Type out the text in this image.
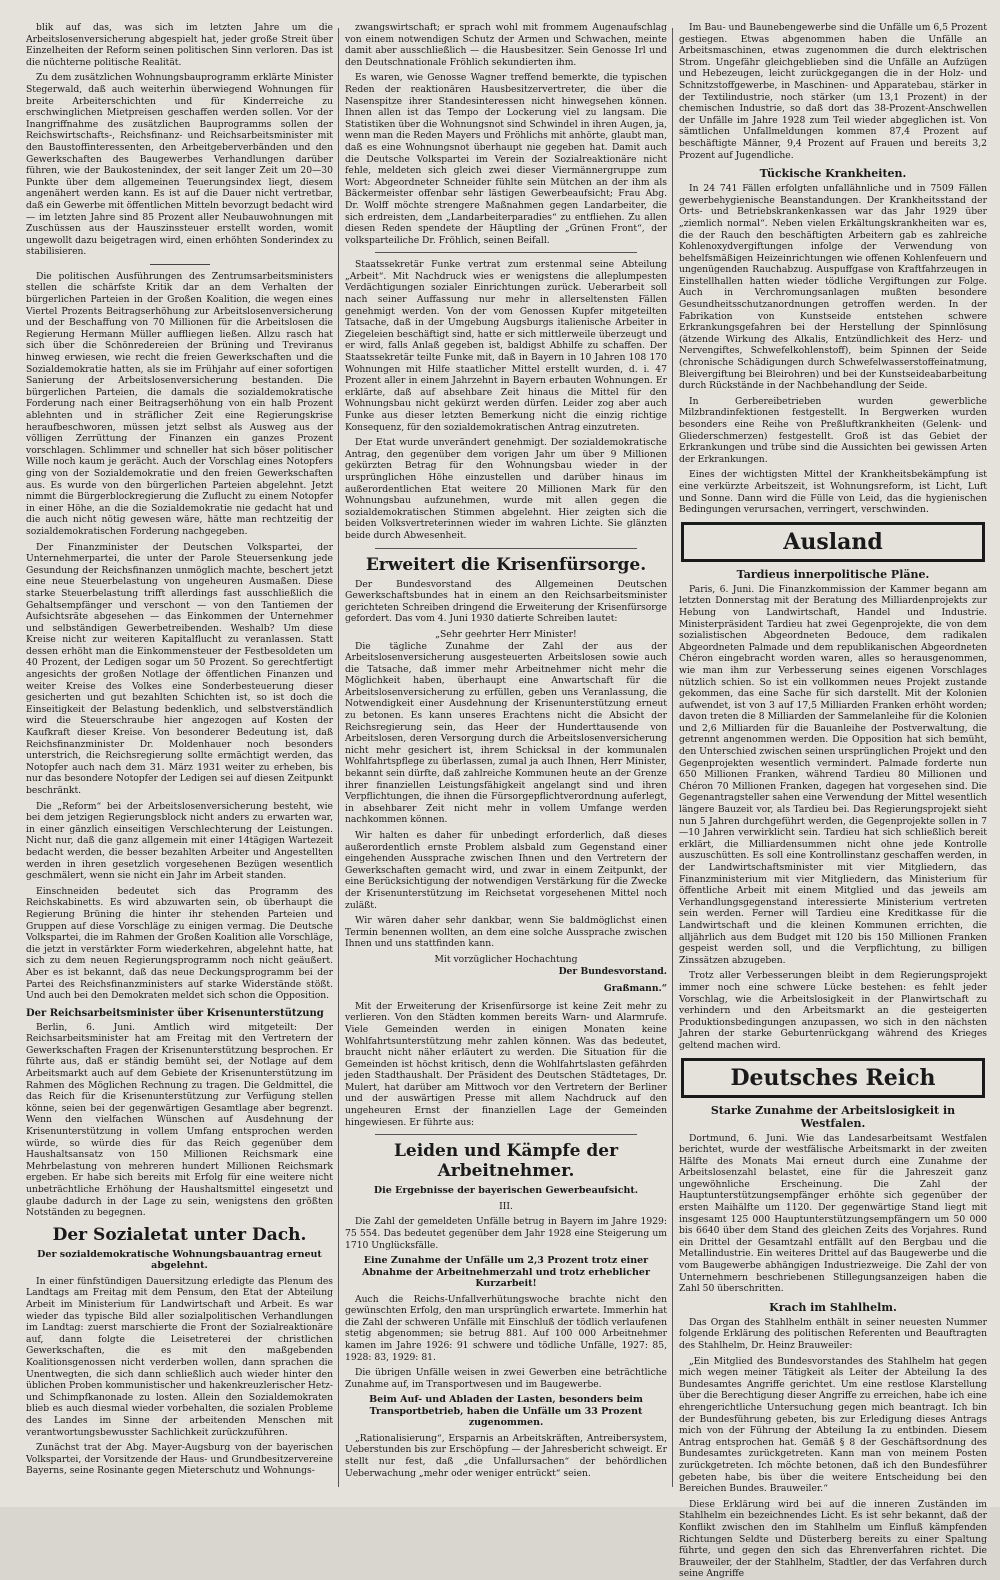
blik auf das, was sich im letzten Jahre um die Arbeitslosenversicherung abgespielt hat, jeder große Streit über Einzelheiten der Reform seinen politischen Sinn verloren. Das ist die nüchterne politische Realität.

Zu dem zusätzlichen Wohnungsbauprogramm erklärte Minister Stegerwald, daß auch weiterhin überwiegend Wohnungen für breite Arbeiterschichten und für Kinderreiche zu erschwinglichen Mietpreisen geschaffen werden sollen. Vor der Inangriffnahme des zusätzlichen Bauprogramms sollen der Reichswirtschafts-, Reichsfinanz- und Reichsarbeitsminister mit den Baustoffinteressenten, den Arbeitgeberverbänden und den Gewerkschaften des Baugewerbes Verhandlungen darüber führen, wie der Baukostenindex, der seit langer Zeit um 20—30 Punkte über dem allgemeinen Teuerungsindex liegt, diesem angenähert werden kann. Es ist auf die Dauer nicht vertretbar, daß ein Gewerbe mit öffentlichen Mitteln bevorzugt bedacht wird — im letzten Jahre sind 85 Prozent aller Neubauwohnungen mit Zuschüssen aus der Hauszinssteuer erstellt worden, womit ungewollt dazu beigetragen wird, einen erhöhten Sonderindex zu stabilisieren.

Die politischen Ausführungen des Zentrumsarbeitsministers stellen die schärfste Kritik dar an dem Verhalten der bürgerlichen Parteien in der Großen Koalition, die wegen eines Viertel Prozents Beitragserhöhung zur Arbeitslosenversicherung und der Beschaffung von 70 Millionen für die Arbeitslosen die Regierung Hermann Müller auffliegen ließen. Allzu rasch hat sich über die Schönredereien der Brüning und Treviranus hinweg erwiesen, wie recht die freien Gewerkschaften und die Sozialdemokratie hatten, als sie im Frühjahr auf einer sofortigen Sanierung der Arbeitslosenversicherung bestanden. Die bürgerlichen Parteien, die damals die sozialdemokratische Forderung nach einer Beitragserhöhung von ein halb Prozent ablehnten und in sträflicher Zeit eine Regierungskrise heraufbeschworen, müssen jetzt selbst als Ausweg aus der völligen Zerrüttung der Finanzen ein ganzes Prozent vorschlagen. Schlimmer und schneller hat sich böser politischer Wille noch kaum je gerächt. Auch der Vorschlag eines Notopfers ging von der Sozialdemokratie und den freien Gewerkschaften aus. Es wurde von den bürgerlichen Parteien abgelehnt. Jetzt nimmt die Bürgerblockregierung die Zuflucht zu einem Notopfer in einer Höhe, an die die Sozialdemokratie nie gedacht hat und die auch nicht nötig gewesen wäre, hätte man rechtzeitig der sozialdemokratischen Forderung nachgegeben.

Der Finanzminister der Deutschen Volkspartei, der Unternehmerpartei, die unter der Parole Steuersenkung jede Gesundung der Reichsfinanzen unmöglich machte, beschert jetzt eine neue Steuerbelastung von ungeheuren Ausmaßen. Diese starke Steuerbelastung trifft allerdings fast ausschließlich die Gehaltsempfänger und verschont — von den Tantiemen der Aufsichtsräte abgesehen — das Einkommen der Unternehmer und selbständigen Gewerbetreibenden. Weshalb? Um diese Kreise nicht zur weiteren Kapitalflucht zu veranlassen. Statt dessen erhöht man die Einkommensteuer der Festbesoldeten um 40 Prozent, der Ledigen sogar um 50 Prozent. So gerechtfertigt angesichts der großen Notlage der öffentlichen Finanzen und weiter Kreise des Volkes eine Sonderbesteuerung dieser gesicherten und gut bezahlten Schichten ist, so ist doch die Einseitigkeit der Belastung bedenklich, und selbstverständlich wird die Steuerschraube hier angezogen auf Kosten der Kaufkraft dieser Kreise. Von besonderer Bedeutung ist, daß Reichsfinanzminister Dr. Moldenhauer noch besonders unterstrich, die Reichsregierung sollte ermächtigt werden, das Notopfer auch nach dem 31. März 1931 weiter zu erheben, bis nur das besondere Notopfer der Ledigen sei auf diesen Zeitpunkt beschränkt.

Die „Reform“ bei der Arbeitslosenversicherung besteht, wie bei dem jetzigen Regierungsblock nicht anders zu erwarten war, in einer gänzlich einseitigen Verschlechterung der Leistungen. Nicht nur, daß die ganz allgemein mit einer 14tägigen Wartezeit bedacht werden, die besser bezahlten Arbeiter und Angestellten werden in ihren gesetzlich vorgesehenen Bezügen wesentlich geschmälert, wenn sie nicht ein Jahr im Arbeit standen.

Einschneiden bedeutet sich das Programm des Reichskabinetts. Es wird abzuwarten sein, ob überhaupt die Regierung Brüning die hinter ihr stehenden Parteien und Gruppen auf diese Vorschläge zu einigen vermag. Die Deutsche Volkspartei, die im Rahmen der Großen Koalition alle Vorschläge, die jetzt in verstärkter Form wiederkehren, abgelehnt hatte, hat sich zu dem neuen Regierungsprogramm noch nicht geäußert. Aber es ist bekannt, daß das neue Deckungsprogramm bei der Partei des Reichsfinanzministers auf starke Widerstände stößt. Und auch bei den Demokraten meldet sich schon die Opposition.

Der Reichsarbeitsminister über Krisenunterstützung

Berlin, 6. Juni. Amtlich wird mitgeteilt: Der Reichsarbeitsminister hat am Freitag mit den Vertretern der Gewerkschaften Fragen der Krisenunterstützung besprochen. Er führte aus, daß er ständig bemüht sei, der Notlage auf dem Arbeitsmarkt auch auf dem Gebiete der Krisenunterstützung im Rahmen des Möglichen Rechnung zu tragen. Die Geldmittel, die das Reich für die Krisenunterstützung zur Verfügung stellen könne, seien bei der gegenwärtigen Gesamtlage aber begrenzt. Wenn den vielfachen Wünschen auf Ausdehnung der Krisenunterstützung in vollem Umfang entsprochen werden würde, so würde dies für das Reich gegenüber dem Haushaltsansatz von 150 Millionen Reichsmark eine Mehrbelastung von mehreren hundert Millionen Reichsmark ergeben. Er habe sich bereits mit Erfolg für eine weitere nicht unbeträchtliche Erhöhung der Haushaltsmittel eingesetzt und glaube dadurch in der Lage zu sein, wenigstens den größten Notständen zu begegnen.

Der Sozialetat unter Dach.
Der sozialdemokratische Wohnungsbauantrag erneut abgelehnt.

In einer fünfstündigen Dauersitzung erledigte das Plenum des Landtags am Freitag mit dem Pensum, den Etat der Abteilung Arbeit im Ministerium für Landwirtschaft und Arbeit. Es war wieder das typische Bild aller sozialpolitischen Verhandlungen im Landtag: zuerst marschierte die Front der Sozialreaktionäre auf, dann folgte die Leisetreterei der christlichen Gewerkschaften, die es mit den maßgebenden Koalitionsgenossen nicht verderben wollen, dann sprachen die Unentwegten, die sich dann schließlich auch wieder hinter den üblichen Proben kommunistischer und hakenkreuzlerischer Hetz- und Schimpfkanonade zu losten. Allein den Sozialdemokraten blieb es auch diesmal wieder vorbehalten, die sozialen Probleme des Landes im Sinne der arbeitenden Menschen mit verantwortungsbewusster Sachlichkeit zurückzuführen.

Zunächst trat der Abg. Mayer-Augsburg von der bayerischen Volkspartei, der Vorsitzende der Haus- und Grundbesitzervereine Bayerns, seine Rosinante gegen Mieterschutz und Wohnungs-

zwangswirtschaft; er sprach wohl mit frommem Augenaufschlag von einem notwendigen Schutz der Armen und Schwachen, meinte damit aber ausschließlich — die Hausbesitzer. Sein Genosse Irl und den Deutschnationale Fröhlich sekundierten ihm.

Es waren, wie Genosse Wagner treffend bemerkte, die typischen Reden der reaktionären Hausbesitzervertreter, die über die Nasenspitze ihrer Standesinteressen nicht hinwegsehen können. Ihnen allen ist das Tempo der Lockerung viel zu langsam. Die Statistiken über die Wohnungsnot sind Schwindel in ihren Augen, ja, wenn man die Reden Mayers und Fröhlichs mit anhörte, glaubt man, daß es eine Wohnungsnot überhaupt nie gegeben hat. Damit auch die Deutsche Volkspartei im Verein der Sozialreaktionäre nicht fehle, meldeten sich gleich zwei dieser Viermännergruppe zum Wort: Abgeordneter Schneider fühlte sein Mütchen an der ihm als Bäckermeister offenbar sehr lästigen Gewerbeaufsicht; Frau Abg. Dr. Wolff möchte strengere Maßnahmen gegen Landarbeiter, die sich erdreisten, dem „Landarbeiterparadies“ zu entfliehen. Zu allen diesen Reden spendete der Häuptling der „Grünen Front“, der volksparteiliche Dr. Fröhlich, seinen Beifall.

Staatssekretär Funke vertrat zum erstenmal seine Abteilung „Arbeit“. Mit Nachdruck wies er wenigstens die alleplumpesten Verdächtigungen sozialer Einrichtungen zurück. Ueberarbeit soll nach seiner Auffassung nur mehr in allerseltensten Fällen genehmigt werden. Von der vom Genossen Kupfer mitgeteilten Tatsache, daß in der Umgebung Augsburgs italienische Arbeiter in Ziegeleien beschäftigt sind, hatte er sich mittlerweile überzeugt und er wird, falls Anlaß gegeben ist, baldigst Abhilfe zu schaffen. Der Staatssekretär teilte Funke mit, daß in Bayern in 10 Jahren 108 170 Wohnungen mit Hilfe staatlicher Mittel erstellt wurden, d. i. 47 Prozent aller in einem Jahrzehnt in Bayern erbauten Wohnungen. Er erklärte, daß auf absehbare Zeit hinaus die Mittel für den Wohnungsbau nicht gekürzt werden dürfen. Leider zog aber auch Funke aus dieser letzten Bemerkung nicht die einzig richtige Konsequenz, für den sozialdemokratischen Antrag einzutreten.

Der Etat wurde unverändert genehmigt. Der sozialdemokratische Antrag, den gegenüber dem vorigen Jahr um über 9 Millionen gekürzten Betrag für den Wohnungsbau wieder in der ursprünglichen Höhe einzustellen und darüber hinaus im außerordentlichen Etat weitere 20 Millionen Mark für den Wohnungsbau aufzunehmen, wurde mit allen gegen die sozialdemokratischen Stimmen abgelehnt. Hier zeigten sich die beiden Volksvertreterinnen wieder im wahren Lichte. Sie glänzten beide durch Abwesenheit.

Erweitert die Krisenfürsorge.

Der Bundesvorstand des Allgemeinen Deutschen Gewerkschaftsbundes hat in einem an den Reichsarbeitsminister gerichteten Schreiben dringend die Erweiterung der Krisenfürsorge gefordert. Das vom 4. Juni 1930 datierte Schreiben lautet:

„Sehr geehrter Herr Minister!

Die tägliche Zunahme der Zahl der aus der Arbeitslosenversicherung ausgesteuerten Arbeitslosen sowie auch die Tatsache, daß immer mehr Arbeitnehmer nicht mehr die Möglichkeit haben, überhaupt eine Anwartschaft für die Arbeitslosenversicherung zu erfüllen, geben uns Veranlassung, die Notwendigkeit einer Ausdehnung der Krisenunterstützung erneut zu betonen. Es kann unseres Erachtens nicht die Absicht der Reichsregierung sein, das Heer der Hunderttausende von Arbeitslosen, deren Versorgung durch die Arbeitslosenversicherung nicht mehr gesichert ist, ihrem Schicksal in der kommunalen Wohlfahrtspflege zu überlassen, zumal ja auch Ihnen, Herr Minister, bekannt sein dürfte, daß zahlreiche Kommunen heute an der Grenze ihrer finanziellen Leistungsfähigkeit angelangt sind und ihren Verpflichtungen, die ihnen die Fürsorgepflichtverordnung auferlegt, in absehbarer Zeit nicht mehr in vollem Umfange werden nachkommen können.

Wir halten es daher für unbedingt erforderlich, daß dieses außerordentlich ernste Problem alsbald zum Gegenstand einer eingehenden Aussprache zwischen Ihnen und den Vertretern der Gewerkschaften gemacht wird, und zwar in einem Zeitpunkt, der eine Berücksichtigung der notwendigen Verstärkung für die Zwecke der Krisenunterstützung im Reichsetat vorgesehenen Mittel noch zuläßt.

Wir wären daher sehr dankbar, wenn Sie baldmöglichst einen Termin benennen wollten, an dem eine solche Aussprache zwischen Ihnen und uns stattfinden kann.

Mit vorzüglicher Hochachtung
Der Bundesvorstand.
Graßmann.“

Mit der Erweiterung der Krisenfürsorge ist keine Zeit mehr zu verlieren. Von den Städten kommen bereits Warn- und Alarmrufe. Viele Gemeinden werden in einigen Monaten keine Wohlfahrtsunterstützung mehr zahlen können. Was das bedeutet, braucht nicht näher erläutert zu werden. Die Situation für die Gemeinden ist höchst kritisch, denn die Wohlfahrtslasten gefährden jeden Stadthaushalt. Der Präsident des Deutschen Städtetages, Dr. Mulert, hat darüber am Mittwoch vor den Vertretern der Berliner und der auswärtigen Presse mit allem Nachdruck auf den ungeheuren Ernst der finanziellen Lage der Gemeinden hingewiesen. Er führte aus:

Leiden und Kämpfe der Arbeitnehmer.
Die Ergebnisse der bayerischen Gewerbeaufsicht.
III.

Die Zahl der gemeldeten Unfälle betrug in Bayern im Jahre 1929: 75 554. Das bedeutet gegenüber dem Jahr 1928 eine Steigerung um 1710 Unglücksfälle.

Eine Zunahme der Unfälle um 2,3 Prozent trotz einer Abnahme der Arbeitnehmerzahl und trotz erheblicher Kurzarbeit!

Auch die Reichs-Unfallverhütungswoche brachte nicht den gewünschten Erfolg, den man ursprünglich erwartete. Immerhin hat die Zahl der schweren Unfälle mit Einschluß der tödlich verlaufenen stetig abgenommen; sie betrug 881. Auf 100 000 Arbeitnehmer kamen im Jahre 1926: 91 schwere und tödliche Unfälle, 1927: 85, 1928: 83, 1929: 81.

Die übrigen Unfälle weisen in zwei Gewerben eine beträchtliche Zunahme auf, im Transportwesen und im Baugewerbe.

Beim Auf- und Abladen der Lasten, besonders beim Transportbetrieb, haben die Unfälle um 33 Prozent zugenommen.

„Rationalisierung“, Ersparnis an Arbeitskräften, Antreibersystem, Ueberstunden bis zur Erschöpfung — der Jahresbericht schweigt. Er stellt nur fest, daß „die Unfallursachen“ der behördlichen Ueberwachung „mehr oder weniger entrückt“ seien.

Im Bau- und Baunebengewerbe sind die Unfälle um 6,5 Prozent gestiegen. Etwas abgenommen haben die Unfälle an Arbeitsmaschinen, etwas zugenommen die durch elektrischen Strom. Ungefähr gleichgeblieben sind die Unfälle an Aufzügen und Hebezeugen, leicht zurückgegangen die in der Holz- und Schnitzstoffgewerbe, in Maschinen- und Apparatebau, stärker in der Textilindustrie, noch stärker (um 13,1 Prozent) in der chemischen Industrie, so daß dort das 38-Prozent-Anschwellen der Unfälle im Jahre 1928 zum Teil wieder abgeglichen ist. Von sämtlichen Unfallmeldungen kommen 87,4 Prozent auf beschäftigte Männer, 9,4 Prozent auf Frauen und bereits 3,2 Prozent auf Jugendliche.

Tückische Krankheiten.

In 24 741 Fällen erfolgten unfallähnliche und in 7509 Fällen gewerbehygienische Beanstandungen. Der Krankheitsstand der Orts- und Betriebskrankenkassen war das Jahr 1929 über „ziemlich normal“. Neben vielen Erkältungskrankheiten war es, die der Rauch den beschäftigten Arbeitern gab es zahlreiche Kohlenoxydvergiftungen infolge der Verwendung von behelfsmäßigen Heizeinrichtungen wie offenen Kohlenfeuern und ungenügenden Rauchabzug. Auspuffgase von Kraftfahrzeugen in Einstellhallen hatten wieder tödliche Vergiftungen zur Folge. Auch in Verchromungsanlagen mußten besondere Gesundheitsschutzanordnungen getroffen werden. In der Fabrikation von Kunstseide entstehen schwere Erkrankungsgefahren bei der Herstellung der Spinnlösung (ätzende Wirkung des Alkalis, Entzündlichkeit des Herz- und Nervengiftes, Schwefelkohlenstoff), beim Spinnen der Seide (chronische Schädigungen durch Schwefelwasserstoffeinatmung, Bleivergiftung bei Bleirohren) und bei der Kunstseideabarbeitung durch Rückstände in der Nachbehandlung der Seide.

In Gerbereibetrieben wurden gewerbliche Milzbrandinfektionen festgestellt. In Bergwerken wurden besonders eine Reihe von Preßluftkrankheiten (Gelenk- und Gliederschmerzen) festgestellt. Groß ist das Gebiet der Erkrankungen und trübe sind die Aussichten bei gewissen Arten der Erkrankungen.

Eines der wichtigsten Mittel der Krankheitsbekämpfung ist eine verkürzte Arbeitszeit, ist Wohnungsreform, ist Licht, Luft und Sonne. Dann wird die Fülle von Leid, das die hygienischen Bedingungen verursachen, verringert, verschwinden.

Ausland
Tardieus innerpolitische Pläne.

Paris, 6. Juni. Die Finanzkommission der Kammer begann am letzten Donnerstag mit der Beratung des Milliardenprojekts zur Hebung von Landwirtschaft, Handel und Industrie. Ministerpräsident Tardieu hat zwei Gegenprojekte, die von dem sozialistischen Abgeordneten Bedouce, dem radikalen Abgeordneten Palmade und dem republikanischen Abgeordneten Chéron eingebracht worden waren, alles so herausgenommen, wie man ihm zur Verbesserung seines eigenen Vorschlages nützlich schien. So ist ein vollkommen neues Projekt zustande gekommen, das eine Sache für sich darstellt. Mit der Kolonien aufwendet, ist von 3 auf 17,5 Milliarden Franken erhöht worden; davon treten die 8 Milliarden der Sammelanleihe für die Kolonien und 2,6 Milliarden für die Bauanleihe der Postverwaltung, die getrennt angenommen werden. Die Opposition hat sich bemüht, den Unterschied zwischen seinen ursprünglichen Projekt und den Gegenprojekten wesentlich vermindert. Palmade forderte nun 650 Millionen Franken, während Tardieu 80 Millionen und Chéron 70 Millionen Franken, dagegen hat vorgesehen sind. Die Gegenantragsteller sahen eine Verwendung der Mittel wesentlich längere Bauzeit vor, als Tardieu bei. Das Regierungsprojekt sieht nun 5 Jahren durchgeführt werden, die Gegenprojekte sollen in 7—10 Jahren verwirklicht sein. Tardieu hat sich schließlich bereit erklärt, die Milliardensummen nicht ohne jede Kontrolle auszuschütten. Es soll eine Kontrollinstanz geschaffen werden, in der Landwirtschaftsminister mit vier Mitgliedern, das Finanzministerium mit vier Mitgliedern, das Ministerium für öffentliche Arbeit mit einem Mitglied und das jeweils am Verhandlungsgegenstand interessierte Ministerium vertreten sein werden. Ferner will Tardieu eine Kreditkasse für die Landwirtschaft und die kleinen Kommunen errichten, die alljährlich aus dem Budget mit 120 bis 150 Millionen Franken gespeist werden soll, und die Verpflichtung, zu billigen Zinssätzen abzugeben.

Trotz aller Verbesserungen bleibt in dem Regierungsprojekt immer noch eine schwere Lücke bestehen: es fehlt jeder Vorschlag, wie die Arbeitslosigkeit in der Planwirtschaft zu verhindern und den Arbeitsmarkt an die gesteigerten Produktionsbedingungen anzupassen, wo sich in den nächsten Jahren der starke Geburtenrückgang während des Krieges geltend machen wird.

Deutsches Reich
Starke Zunahme der Arbeitslosigkeit in Westfalen.

Dortmund, 6. Juni. Wie das Landesarbeitsamt Westfalen berichtet, wurde der westfälische Arbeitsmarkt in der zweiten Hälfte des Monats Mai erneut durch eine Zunahme der Arbeitslosenzahl belastet, eine für die Jahreszeit ganz ungewöhnliche Erscheinung. Die Zahl der Hauptunterstützungsempfänger erhöhte sich gegenüber der ersten Maihälfte um 1120. Der gegenwärtige Stand liegt mit insgesamt 125 000 Hauptunterstützungsempfängern um 50 000 bis 6640 über dem Stand des gleichen Zeits des Vorjahres. Rund ein Drittel der Gesamtzahl entfällt auf den Bergbau und die Metallindustrie. Ein weiteres Drittel auf das Baugewerbe und die vom Baugewerbe abhängigen Industriezweige. Die Zahl der von Unternehmern beschriebenen Stillegungsanzeigen haben die Zahl 50 überschritten.

Krach im Stahlhelm.

Das Organ des Stahlhelm enthält in seiner neuesten Nummer folgende Erklärung des politischen Referenten und Beauftragten des Stahlhelm, Dr. Heinz Brauweiler:

„Ein Mitglied des Bundesvorstandes des Stahlhelm hat gegen mich wegen meiner Tätigkeit als Leiter der Abteilung Ia des Bundesamtes Angriffe gerichtet. Um eine restlose Klarstellung über die Berechtigung dieser Angriffe zu erreichen, habe ich eine ehrengerichtliche Untersuchung gegen mich beantragt. Ich bin der Bundesführung gebeten, bis zur Erledigung dieses Antrags mich von der Führung der Abteilung Ia zu entbinden. Diesem Antrag entsprochen hat. Gemäß § 8 der Geschäftsordnung des Bundesamtes zurückgetreten. Kann man von meinem Posten zurückgetreten. Ich möchte betonen, daß ich den Bundesführer gebeten habe, bis über die weitere Entscheidung bei den Bereichen Bundes. Brauweiler.“

Diese Erklärung wird bei auf die inneren Zuständen im Stahlhelm ein bezeichnendes Licht. Es ist sehr bekannt, daß der Konflikt zwischen den im Stahlhelm um Einfluß kämpfenden Richtungen Seldte und Düsterberg bereits zu einer Spaltung führte, und gegen den sich das Ehrenverfahren richtet. Die Brauweiler, der der Stahlhelm, Stadtler, der das Verfahren durch seine Angriffe
